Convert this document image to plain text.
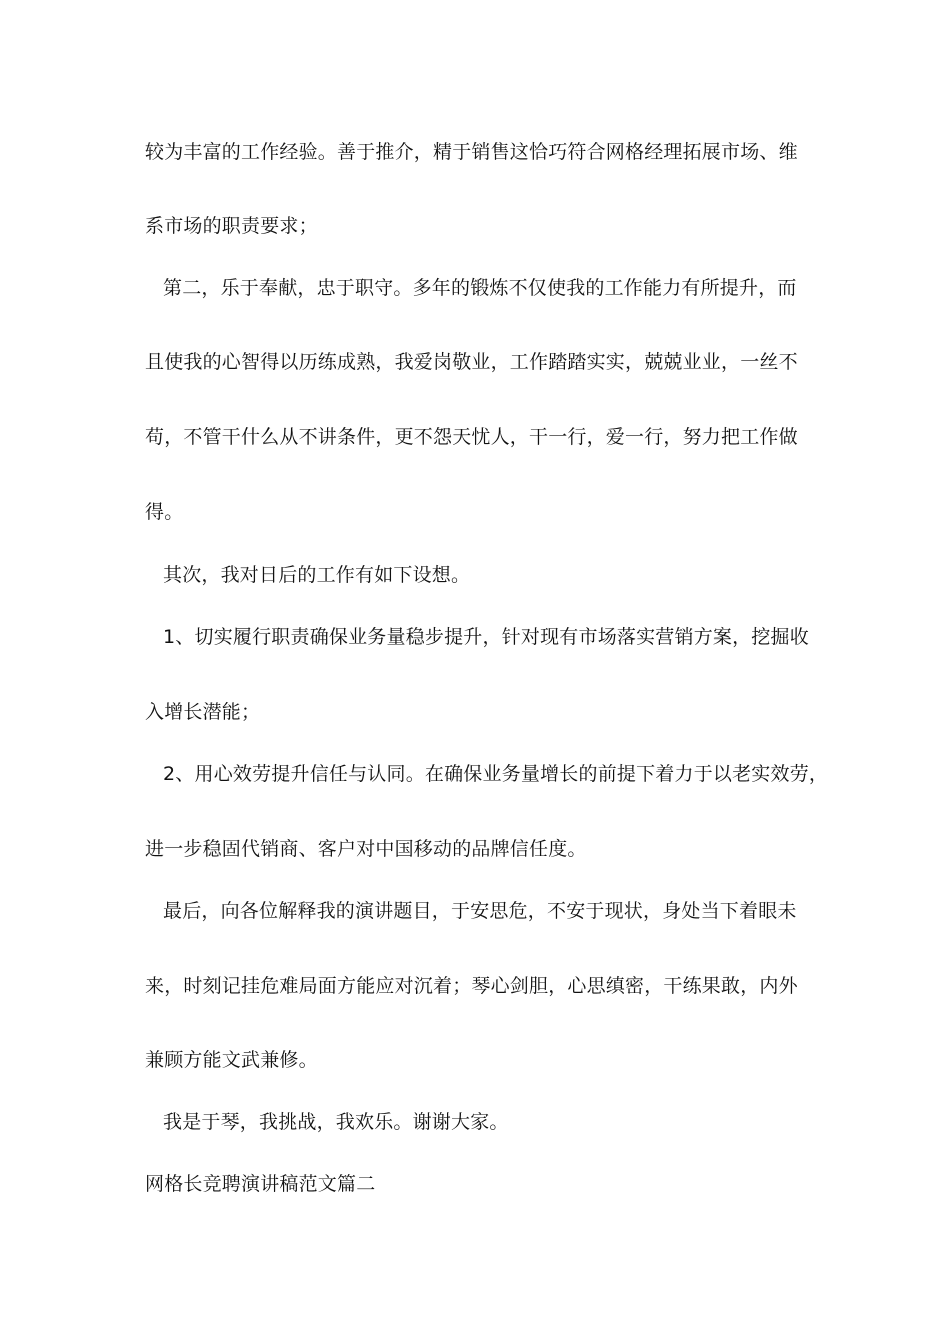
较为丰富的工作经验。善于推介，精于销售这恰巧符合网格经理拓展市场、维
系市场的职责要求；
第二，乐于奉献，忠于职守。多年的锻炼不仅使我的工作能力有所提升，而
且使我的心智得以历练成熟，我爱岗敬业，工作踏踏实实，兢兢业业，一丝不
苟，不管干什么从不讲条件，更不怨天忧人，干一行，爱一行，努力把工作做
得。
其次，我对日后的工作有如下设想。
1、切实履行职责确保业务量稳步提升，针对现有市场落实营销方案，挖掘收
入增长潜能；
2、用心效劳提升信任与认同。在确保业务量增长的前提下着力于以老实效劳，
进一步稳固代销商、客户对中国移动的品牌信任度。
最后，向各位解释我的演讲题目，于安思危，不安于现状，身处当下着眼未
来，时刻记挂危难局面方能应对沉着；琴心剑胆，心思缜密，干练果敢，内外
兼顾方能文武兼修。
我是于琴，我挑战，我欢乐。谢谢大家。
网格长竞聘演讲稿范文篇二
